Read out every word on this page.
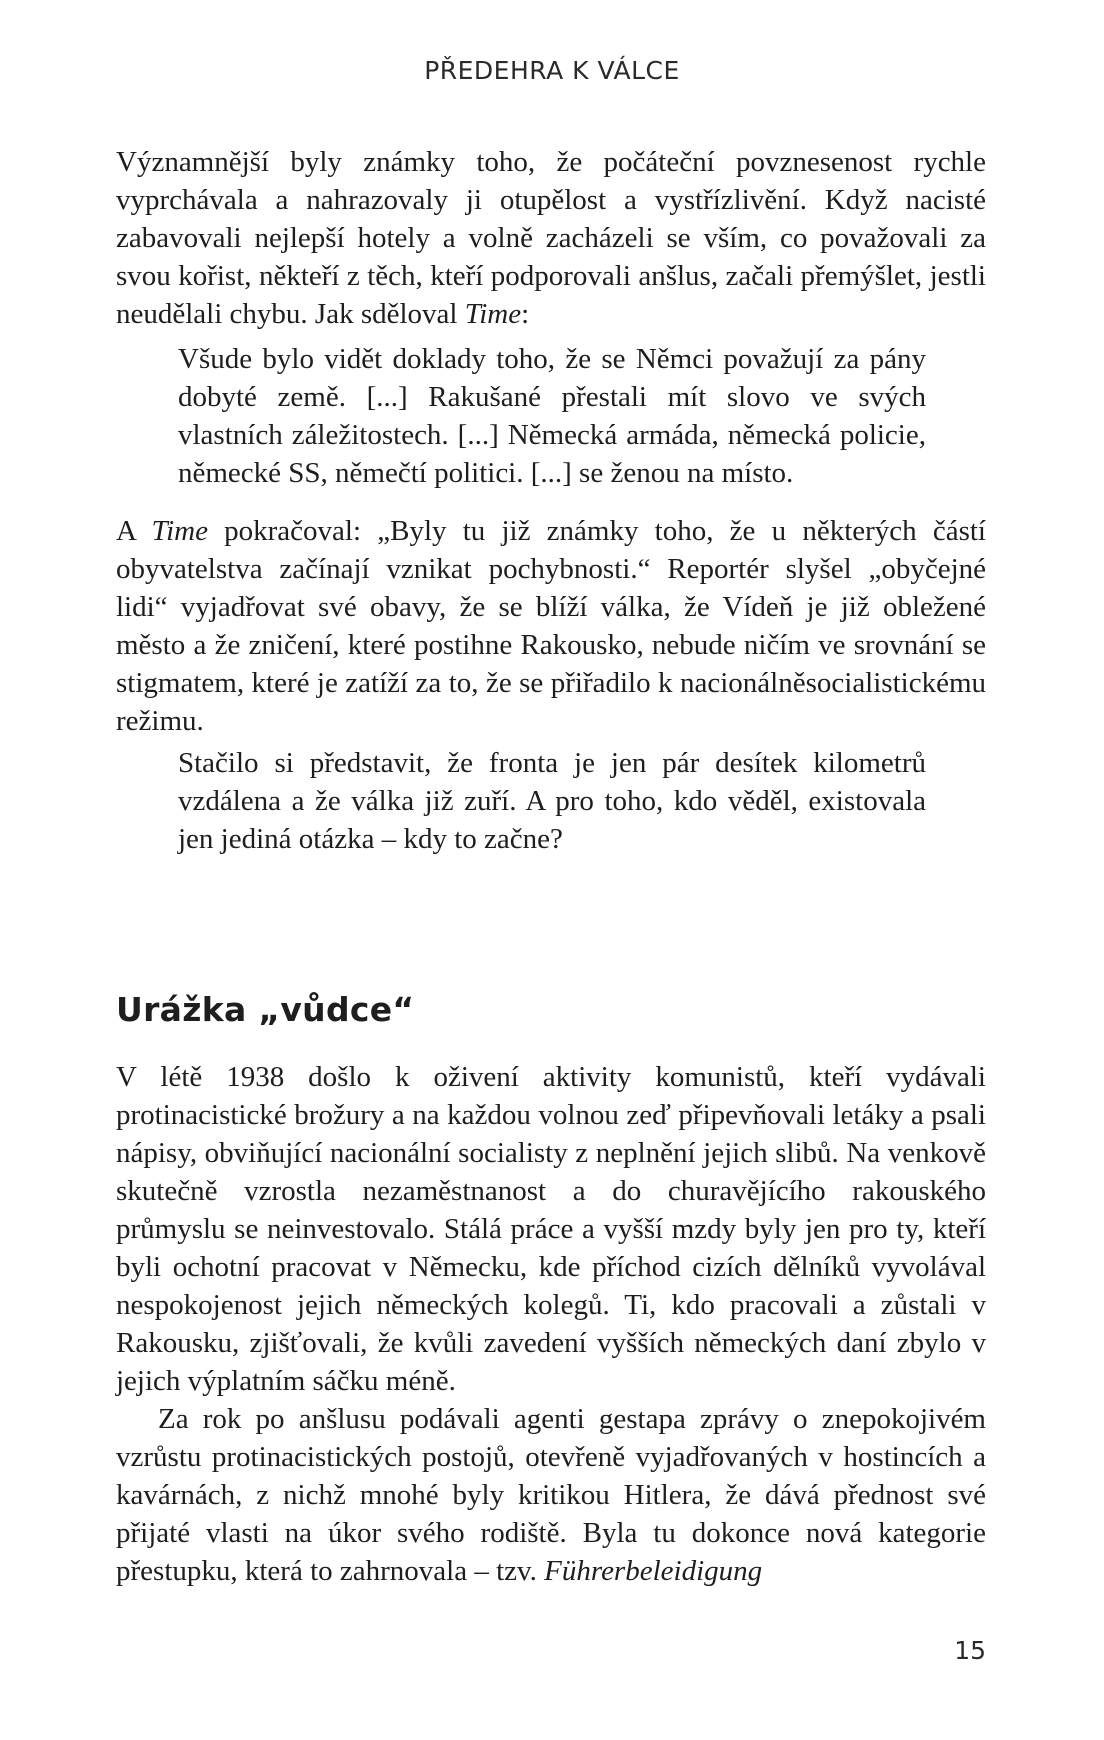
PŘEDEHRA K VÁLCE

Významnější byly známky toho, že počáteční povznesenost rychle vyprchávala a nahrazovaly ji otupělost a vystřízlivění. Když nacisté zabavovali nejlepší hotely a volně zacházeli se vším, co považovali za svou kořist, někteří z těch, kteří podporovali anšlus, začali přemýšlet, jestli neudělali chybu. Jak sděloval Time:

Všude bylo vidět doklady toho, že se Němci považují za pány dobyté země. [...] Rakušané přestali mít slovo ve svých vlastních záležitostech. [...] Německá armáda, německá policie, německé SS, němečtí politici. [...] se ženou na místo.

A Time pokračoval: „Byly tu již známky toho, že u některých částí obyvatelstva začínají vznikat pochybnosti.“ Reportér slyšel „obyčejné lidi“ vyjadřovat své obavy, že se blíží válka, že Vídeň je již obležené město a že zničení, které postihne Rakousko, nebude ničím ve srovnání se stigmatem, které je zatíží za to, že se přiřadilo k nacionálněsocialistickému režimu.

Stačilo si představit, že fronta je jen pár desítek kilometrů vzdálena a že válka již zuří. A pro toho, kdo věděl, existovala jen jediná otázka – kdy to začne?

Urážka „vůdce“

V létě 1938 došlo k oživení aktivity komunistů, kteří vydávali protinacistické brožury a na každou volnou zeď připevňovali letáky a psali nápisy, obviňující nacionální socialisty z neplnění jejich slibů. Na venkově skutečně vzrostla nezaměstnanost a do churavějícího rakouského průmyslu se neinvestovalo. Stálá práce a vyšší mzdy byly jen pro ty, kteří byli ochotní pracovat v Německu, kde příchod cizích dělníků vyvolával nespokojenost jejich německých kolegů. Ti, kdo pracovali a zůstali v Rakousku, zjišťovali, že kvůli zavedení vyšších německých daní zbylo v jejich výplatním sáčku méně.

Za rok po anšlusu podávali agenti gestapa zprávy o znepokojivém vzrůstu protinacistických postojů, otevřeně vyjadřovaných v hostincích a kavárnách, z nichž mnohé byly kritikou Hitlera, že dává přednost své přijaté vlasti na úkor svého rodiště. Byla tu dokonce nová kategorie přestupku, která to zahrnovala – tzv. Führerbeleidigung

15
